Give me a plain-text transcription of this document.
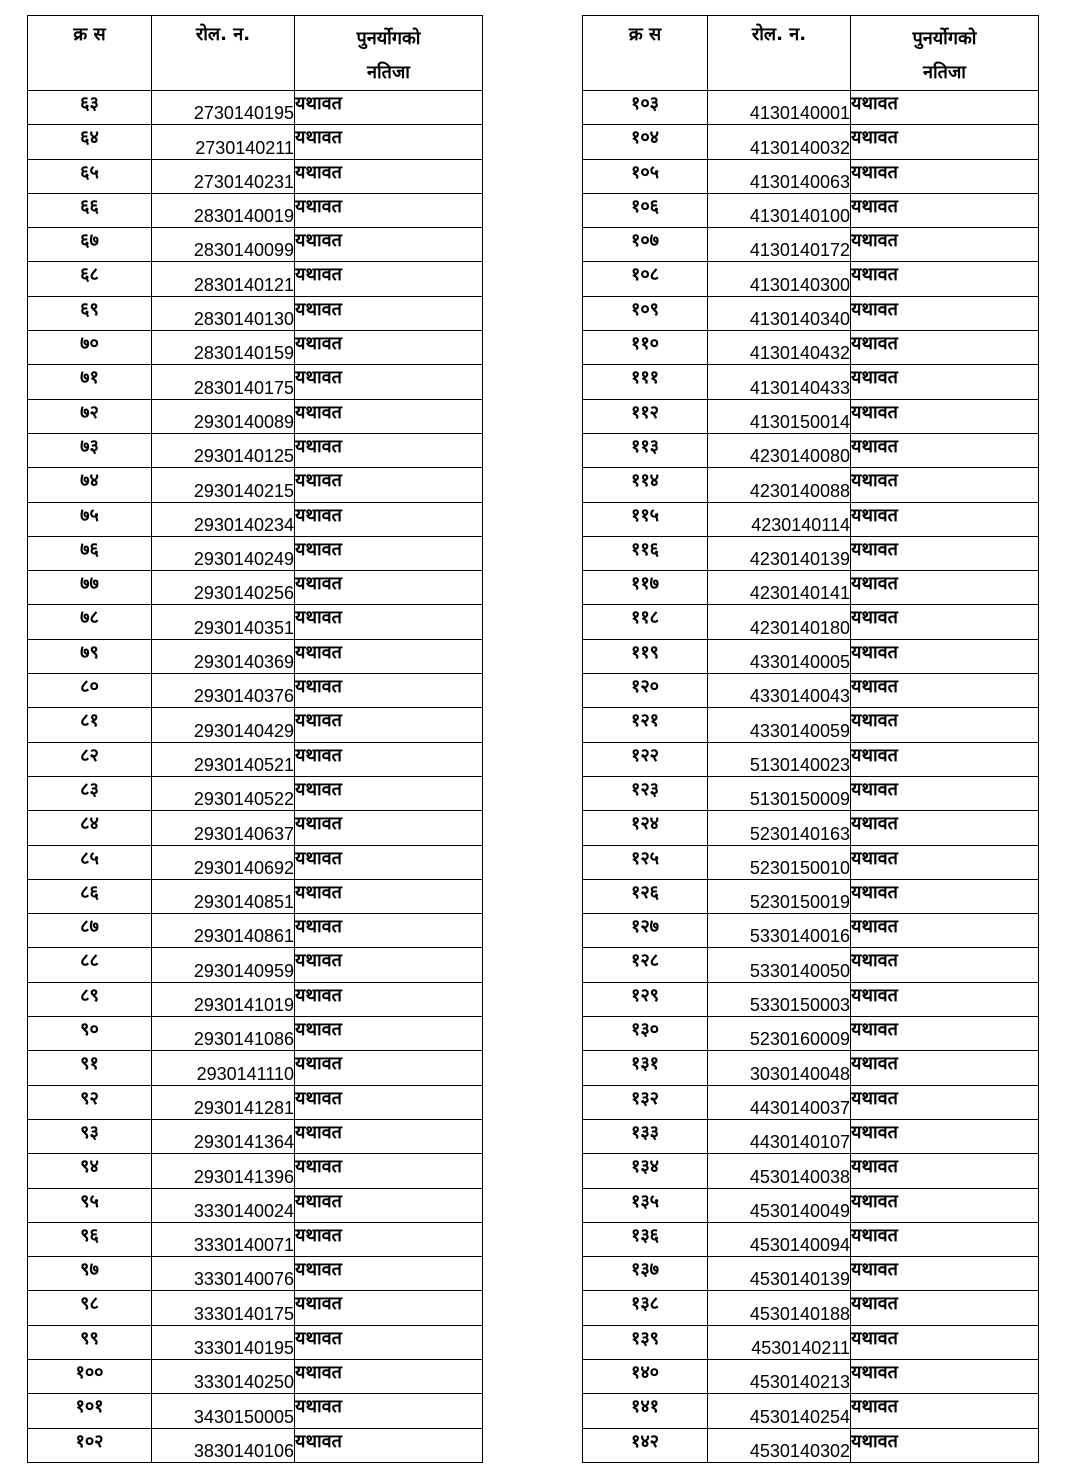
क्र स	रोल. न.	पुनर्योगको
नतिजा
६३	2730140195	यथावत
६४	2730140211	यथावत
६५	2730140231	यथावत
६६	2830140019	यथावत
६७	2830140099	यथावत
६८	2830140121	यथावत
६९	2830140130	यथावत
७०	2830140159	यथावत
७१	2830140175	यथावत
७२	2930140089	यथावत
७३	2930140125	यथावत
७४	2930140215	यथावत
७५	2930140234	यथावत
७६	2930140249	यथावत
७७	2930140256	यथावत
७८	2930140351	यथावत
७९	2930140369	यथावत
८०	2930140376	यथावत
८१	2930140429	यथावत
८२	2930140521	यथावत
८३	2930140522	यथावत
८४	2930140637	यथावत
८५	2930140692	यथावत
८६	2930140851	यथावत
८७	2930140861	यथावत
८८	2930140959	यथावत
८९	2930141019	यथावत
९०	2930141086	यथावत
९१	2930141110	यथावत
९२	2930141281	यथावत
९३	2930141364	यथावत
९४	2930141396	यथावत
९५	3330140024	यथावत
९६	3330140071	यथावत
९७	3330140076	यथावत
९८	3330140175	यथावत
९९	3330140195	यथावत
१००	3330140250	यथावत
१०१	3430150005	यथावत
१०२	3830140106	यथावत
क्र स	रोल. न.	पुनर्योगको
नतिजा
१०३	4130140001	यथावत
१०४	4130140032	यथावत
१०५	4130140063	यथावत
१०६	4130140100	यथावत
१०७	4130140172	यथावत
१०८	4130140300	यथावत
१०९	4130140340	यथावत
११०	4130140432	यथावत
१११	4130140433	यथावत
११२	4130150014	यथावत
११३	4230140080	यथावत
११४	4230140088	यथावत
११५	4230140114	यथावत
११६	4230140139	यथावत
११७	4230140141	यथावत
११८	4230140180	यथावत
११९	4330140005	यथावत
१२०	4330140043	यथावत
१२१	4330140059	यथावत
१२२	5130140023	यथावत
१२३	5130150009	यथावत
१२४	5230140163	यथावत
१२५	5230150010	यथावत
१२६	5230150019	यथावत
१२७	5330140016	यथावत
१२८	5330140050	यथावत
१२९	5330150003	यथावत
१३०	5230160009	यथावत
१३१	3030140048	यथावत
१३२	4430140037	यथावत
१३३	4430140107	यथावत
१३४	4530140038	यथावत
१३५	4530140049	यथावत
१३६	4530140094	यथावत
१३७	4530140139	यथावत
१३८	4530140188	यथावत
१३९	4530140211	यथावत
१४०	4530140213	यथावत
१४१	4530140254	यथावत
१४२	4530140302	यथावत
